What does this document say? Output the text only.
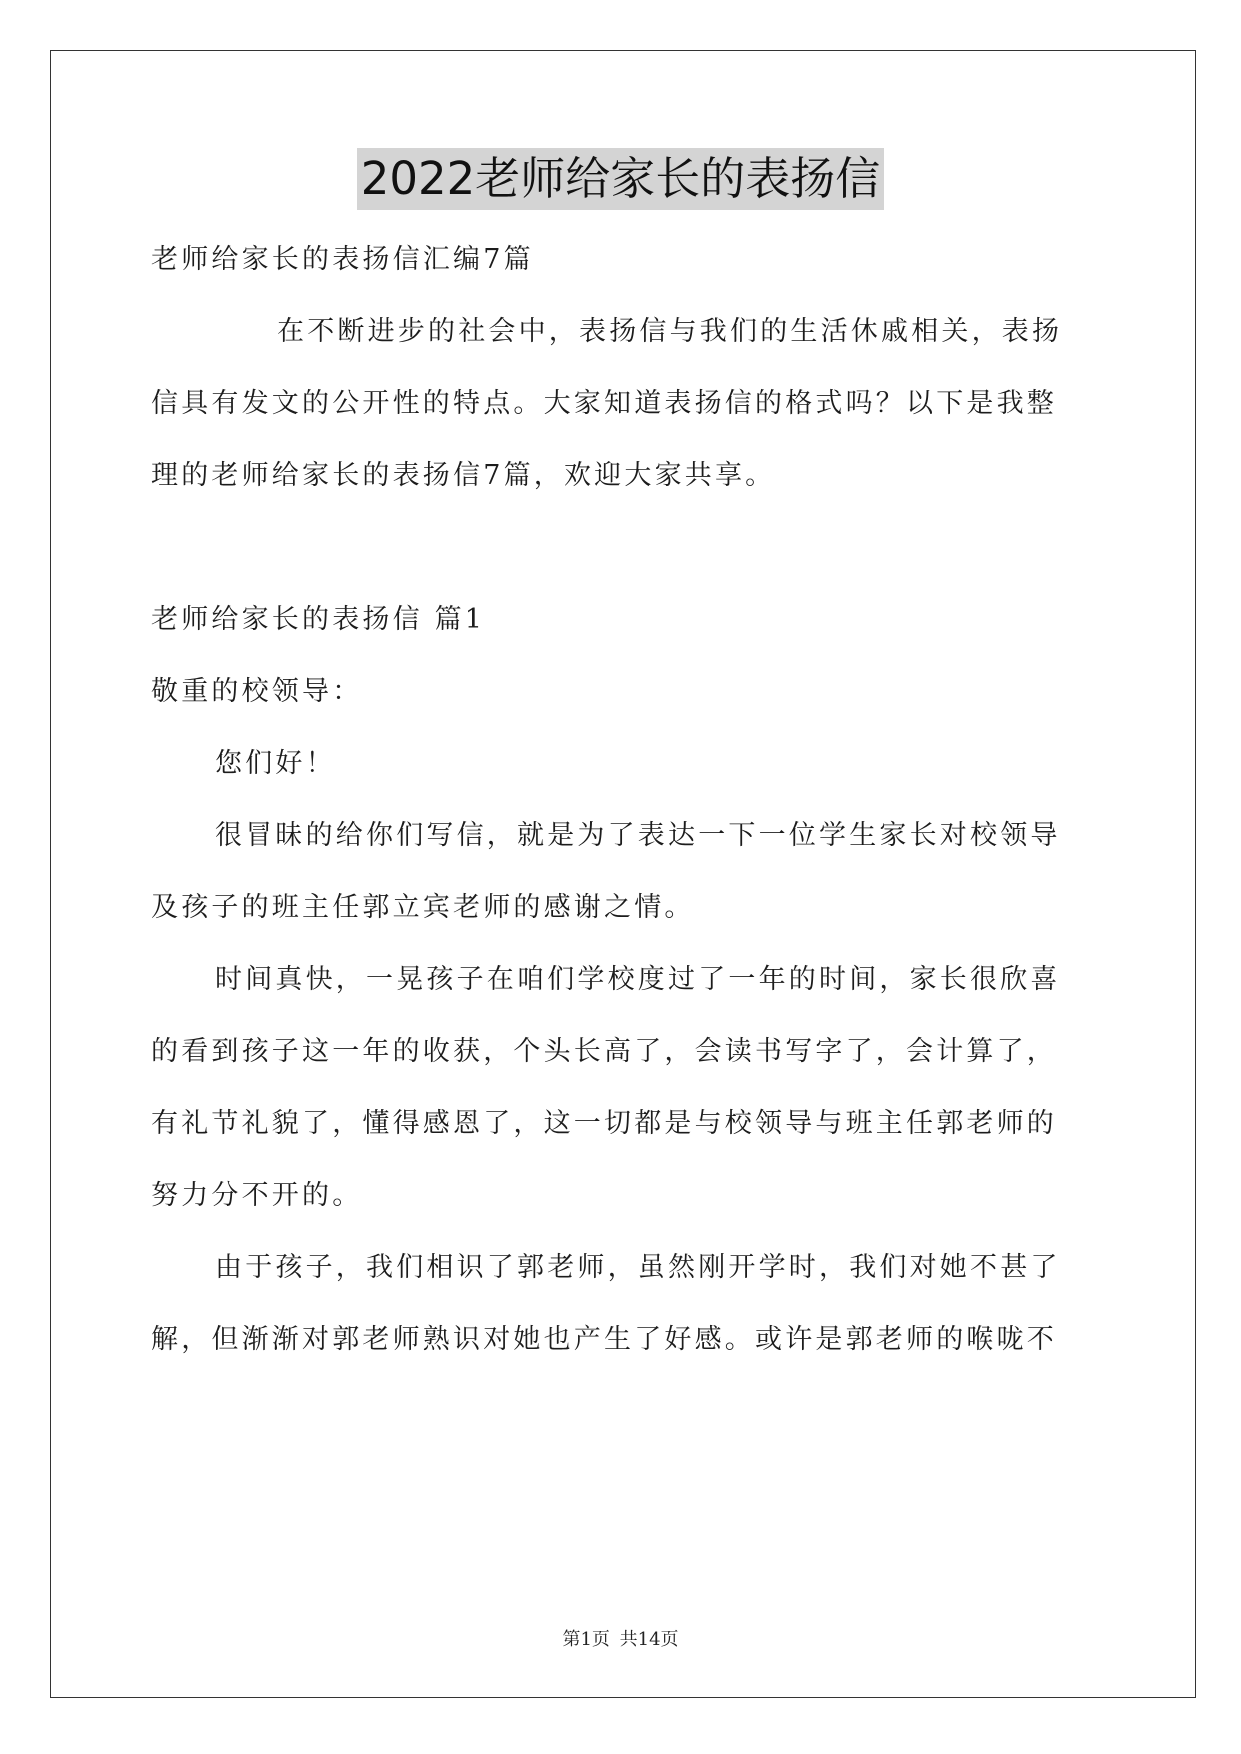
2022老师给家长的表扬信
老师给家长的表扬信汇编7篇
在不断进步的社会中，表扬信与我们的生活休戚相关，表扬
信具有发文的公开性的特点。大家知道表扬信的格式吗？以下是我整
理的老师给家长的表扬信7篇，欢迎大家共享。
老师给家长的表扬信 篇1
敬重的校领导：
您们好！
很冒昧的给你们写信，就是为了表达一下一位学生家长对校领导
及孩子的班主任郭立宾老师的感谢之情。
时间真快，一晃孩子在咱们学校度过了一年的时间，家长很欣喜
的看到孩子这一年的收获，个头长高了，会读书写字了，会计算了，
有礼节礼貌了，懂得感恩了，这一切都是与校领导与班主任郭老师的
努力分不开的。
由于孩子，我们相识了郭老师，虽然刚开学时，我们对她不甚了
解，但渐渐对郭老师熟识对她也产生了好感。或许是郭老师的喉咙不
第1页 共14页
